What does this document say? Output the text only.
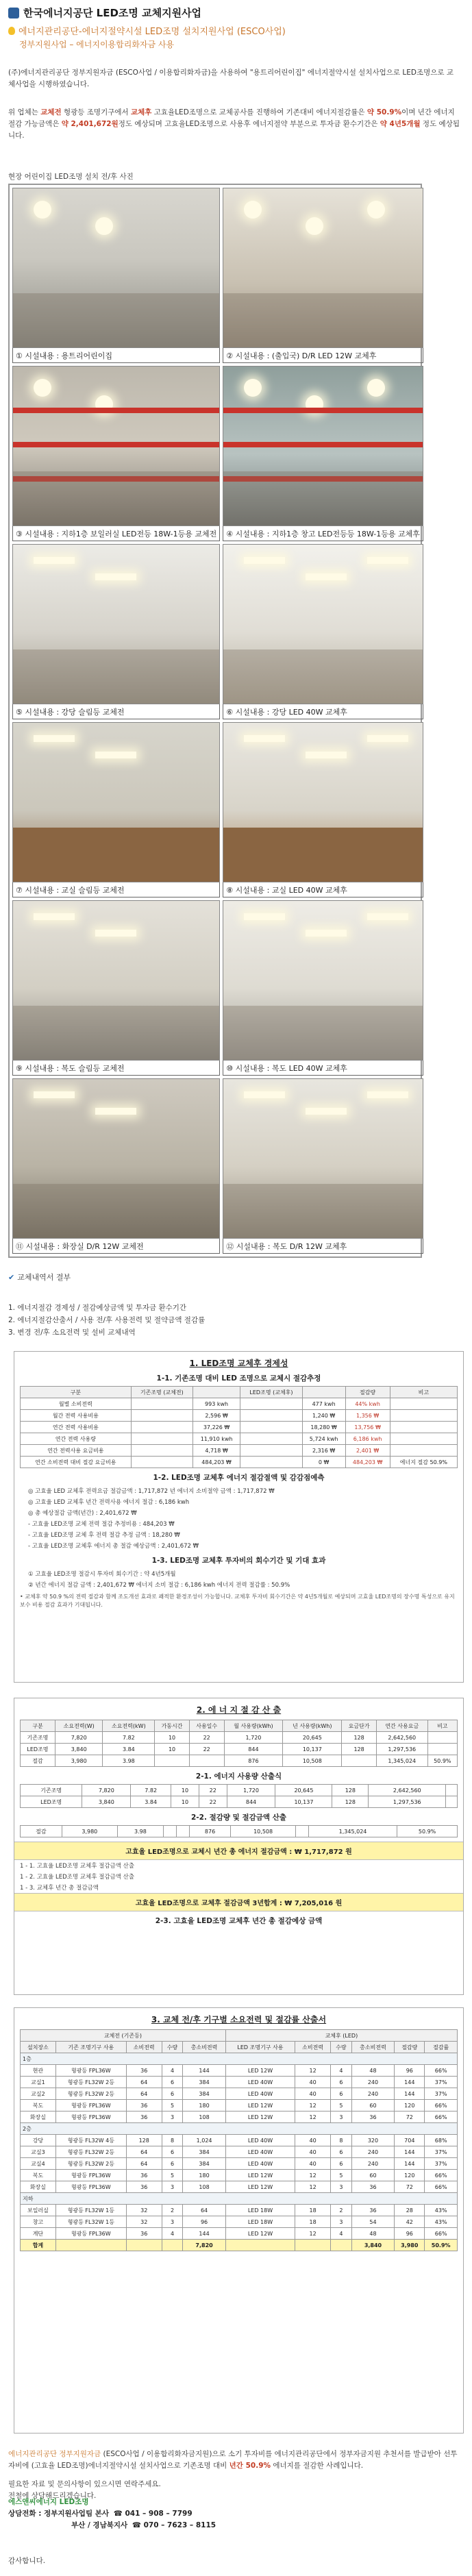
한국에너지공단 LED조명 교체지원사업
에너지관리공단-에너지절약시설 LED조명 설치지원사업 (ESCO사업)
정부지원사업 – 에너지이용합리화자금 사용
(주)에너지관리공단 정부지원자금 (ESCO사업 / 이용합리화자금)을 사용하여 "용트리어린이집" 에너지절약시설 설치사업으로 LED조명으로 교체사업을 시행하였습니다.
위 업체는 교체전 형광등 조명기구에서 교체후 고효율LED조명으로 교체공사를 진행하여 기존대비 에너지절감률은 약 50.9%이며 년간 에너지절감 가능금액은 약 2,401,672원정도 예상되며 고효율LED조명으로 사용후 에너지절약 부분으로 투자금 환수기간은 약 4년5개월 정도 예상됩니다.
현장 어린이집 LED조명 설치 전/후 사진
① 시설내용 : 용트리어린이집	② 시설내용 : (출입국) D/R LED 12W 교체후
③ 시설내용 : 지하1층 보일러실 LED전등 18W-1등용 교체전	④ 시설내용 : 지하1층 창고 LED전등등 18W-1등용 교체후
⑤ 시설내용 : 강당 슬림등 교체전	⑥ 시설내용 : 강당 LED 40W 교체후
⑦ 시설내용 : 교실 슬림등 교체전	⑧ 시설내용 : 교실 LED 40W 교체후
⑨ 시설내용 : 복도 슬림등 교체전	⑩ 시설내용 : 복도 LED 40W 교체후
⑪ 시설내용 : 화장실 D/R 12W 교체전	⑫ 시설내용 : 복도 D/R 12W 교체후
✔ 교체내역서 결부
1. 에너지절감 경제성 / 절감예상금액 및 투자금 환수기간
2. 에너지절감산출서 / 사용 전/후 사용전력 및 절약금액 절감률
3. 변경 전/후 소요전력 및 설비 교체내역
1. LED조명 교체후 경제성
1-1. 기존조명 대비 LED 조명으로 교체시 절감추정
구분	기존조명 (교체전)		LED조명 (교체후)		절감량	비고
월별 소비전력		993 kwh		477 kwh	44% kwh	
월간 전력 사용비용		2,596 ₩		1,240 ₩	1,356 ₩	
연간 전력 사용비용		37,226 ₩		18,280 ₩	13,756 ₩	
연간 전력 사용량		11,910 kwh		5,724 kwh	6,186 kwh	
연간 전력사용 요금비용		4,718 ₩		2,316 ₩	2,401 ₩	
연간 소비전력 대비 절감 요금비용		484,203 ₩		0 ₩	484,203 ₩	에너지 절감 50.9%
1-2. LED조명 교체후 에너지 절감절액 및 감감점예측
◎ 고효율 LED 교체후 전력요금 절감금액 : 1,717,872 년 에너지 소비절약 금액 : 1,717,872 ₩
◎ 고효율 LED 교체후 년간 전력사용 에너지 절감 : 6,186 kwh
◎ 총 예상절감 금액(년간) : 2,401,672 ₩
- 고효율 LED조명 교체 전력 절감 추정비용 : 484,203 ₩
- 고효율 LED조명 교체 후 전력 절감 추정 금액 : 18,280 ₩
- 고효율 LED조명 교체후 에너지 총 절감 예상금액 : 2,401,672 ₩
1-3. LED조명 교체후 투자비의 회수기간 및 기대 효과
① 고효율 LED조명 절감시 투자비 회수기간 : 약 4년5개월
② 년간 에너지 절감 금액 : 2,401,672 ₩ 에너지 소비 절감 : 6,186 kwh 에너지 전력 절감률 : 50.9%
• 교체후 약 50.9 %의 전력 절감과 함께 조도개선 효과로 쾌적한 환경조성이 가능합니다. 교체후 투자비 회수기간은 약 4년5개월로 예상되며 고효율 LED조명의 장수명 특성으로 유지보수 비용 절감 효과가 기대됩니다.
2. 에 너 지 절 감 산 출
구분	소요전력(W)	소요전력(kW)	가동시간	사용일수	월 사용량(kWh)	년 사용량(kWh)	요금단가	연간 사용요금	비고
기존조명	7,820	7.82	10	22	1,720	20,645	128	2,642,560	
LED조명	3,840	3.84	10	22	844	10,137	128	1,297,536	
절감	3,980	3.98			876	10,508		1,345,024	50.9%
2-1. 에너지 사용량 산출식
기존조명	7,820	7.82	10	22	1,720	20,645	128	2,642,560	
LED조명	3,840	3.84	10	22	844	10,137	128	1,297,536	
2-2. 절감량 및 절감금액 산출
절감	3,980	3.98			876	10,508		1,345,024	50.9%
고효율 LED조명으로 교체시 년간 총 에너지 절감금액 : ₩ 1,717,872 원
1 - 1. 고효율 LED조명 교체후 절감금액 산출
1 - 2. 고효율 LED조명 교체후 절감금액 산출
1 - 3. 교체후 년간 총 절감금액
고효율 LED조명으로 교체후 절감금액 3년합계 : ₩ 7,205,016 원
2-3. 고효율 LED조명 교체후 년간 총 절감예상 금액
3. 교체 전/후 기구별 소요전력 및 절감률 산출서
교체전 (기존등)					교체후 (LED)					
설치장소	기존 조명기구 사용	소비전력	수량	총소비전력	LED 조명기구 사용	소비전력	수량	총소비전력	절감량	절감률
1층										
현관	형광등 FPL36W	36	4	144	LED 12W	12	4	48	96	66%
교실1	형광등 FL32W 2등	64	6	384	LED 40W	40	6	240	144	37%
교실2	형광등 FL32W 2등	64	6	384	LED 40W	40	6	240	144	37%
복도	형광등 FPL36W	36	5	180	LED 12W	12	5	60	120	66%
화장실	형광등 FPL36W	36	3	108	LED 12W	12	3	36	72	66%
2층										
강당	형광등 FL32W 4등	128	8	1,024	LED 40W	40	8	320	704	68%
교실3	형광등 FL32W 2등	64	6	384	LED 40W	40	6	240	144	37%
교실4	형광등 FL32W 2등	64	6	384	LED 40W	40	6	240	144	37%
복도	형광등 FPL36W	36	5	180	LED 12W	12	5	60	120	66%
화장실	형광등 FPL36W	36	3	108	LED 12W	12	3	36	72	66%
지하										
보일러실	형광등 FL32W 1등	32	2	64	LED 18W	18	2	36	28	43%
창고	형광등 FL32W 1등	32	3	96	LED 18W	18	3	54	42	43%
계단	형광등 FPL36W	36	4	144	LED 12W	12	4	48	96	66%
합계				7,820				3,840	3,980	50.9%
에너지관리공단 정부지원자금 (ESCO사업 / 이용합리화자금지원)으로 소기 투자비를 에너지관리공단에서 정부자금지원 추천서를 발급받아 선투자비에 (고효율 LED조명)에너지절약시설 설치사업으로 기존조명 대비 년간 50.9% 에너지를 절감한 사례입니다.
필요한 자료 및 문의사항이 있으시면 연락주세요.
전철에 상담해드리겠습니다.
에스앤씨에너지 LED조명
상담전화 : 정부지원사업팀 본사 ☎ 041 – 908 – 7799
부산 / 경남북지사 ☎ 070 – 7623 – 8115
감사합니다.
